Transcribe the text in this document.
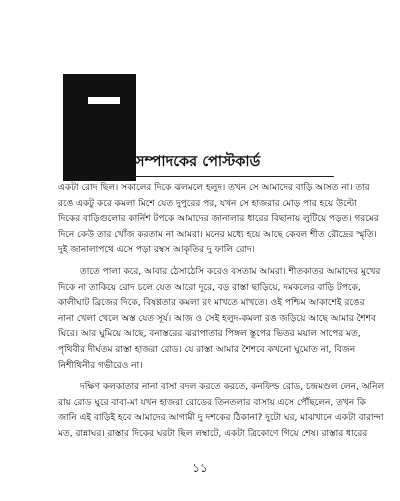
সম্পাদকের পোস্টকার্ড
একটা রোদ ছিল। সকালের দিকে ঝলমলে হলুদ। তখন সে আমাদের বাড়ি আসত না। তার
রঙে একটু করে কমলা মিশে যেত দুপুরের পর, যখন সে হাজরার মোড় পার হয়ে উল্টো
দিকের বাড়িগুলোর কার্নিশ টপকে আমাদের জানালার ধারের বিছানায় লুটিয়ে পড়ত। গরমের
দিনে কেউ তার খোঁজ করতাম না আমরা। মনের মধ্যে হয়ে আছে কেবল শীত রৌদ্রের স্মৃতি।
দুই জানালাপথে এসে পড়া রম্বস আকৃতির দু ফালি রোদ।
তাতে পালা করে, আবার ঠেসাঠেসি করেও বসতাম আমরা। শীতকাতর আমাদের মুখের
দিকে না তাকিয়ে রোদ চলে যেত আরো দূরে, বড় রাস্তা ছাড়িয়ে, দমকলের বাড়ি টপকে,
কালীঘাট ব্রিজের দিকে, বিষণ্ণতার কমলা রং মাখতে মাখতে। ওই পশ্চিম আকাশেই রঙের
নানা খেলা খেলে অস্ত যেত সূর্য। আজ ও সেই হলুদ-কমলা রঙ জড়িয়ে আছে আমার শৈশব
ঘিরে। আর ঘুমিয়ে আছে, বনাস্তরের ঝরাপাতার পিঙ্গল স্তূপের ভিতর ময়াল সাপের মত,
পৃথিবীর দীর্ঘতম রাস্তা হাজরা রোড। যে রাস্তা আমার শৈশবে কখনো ঘুমোত না, বিজন
নিশীথিনীর গভীরেও না।
দক্ষিণ কলকাতার নানা বাসা বদল করতে করতে, কনফিল্ড রোড, চন্দ্রমণ্ডল লেন, অনিল
রায় রোড ঘুরে বাবা-মা যখন হাজরা রোডের তিনতলার বাসায় এসে পৌঁছলেন, তখন কি
জানি এই বাড়িই হবে আমাদের আগামী দু দশকের ঠিকানা? দুটো ঘর, মাঝখানে একটা বারান্দা
মত, রান্নাঘর। রাস্তার দিকের ঘরটা ছিল লম্বাটে, একটা ত্রিকোণে গিয়ে শেষ। রাস্তার ধারের
১১
